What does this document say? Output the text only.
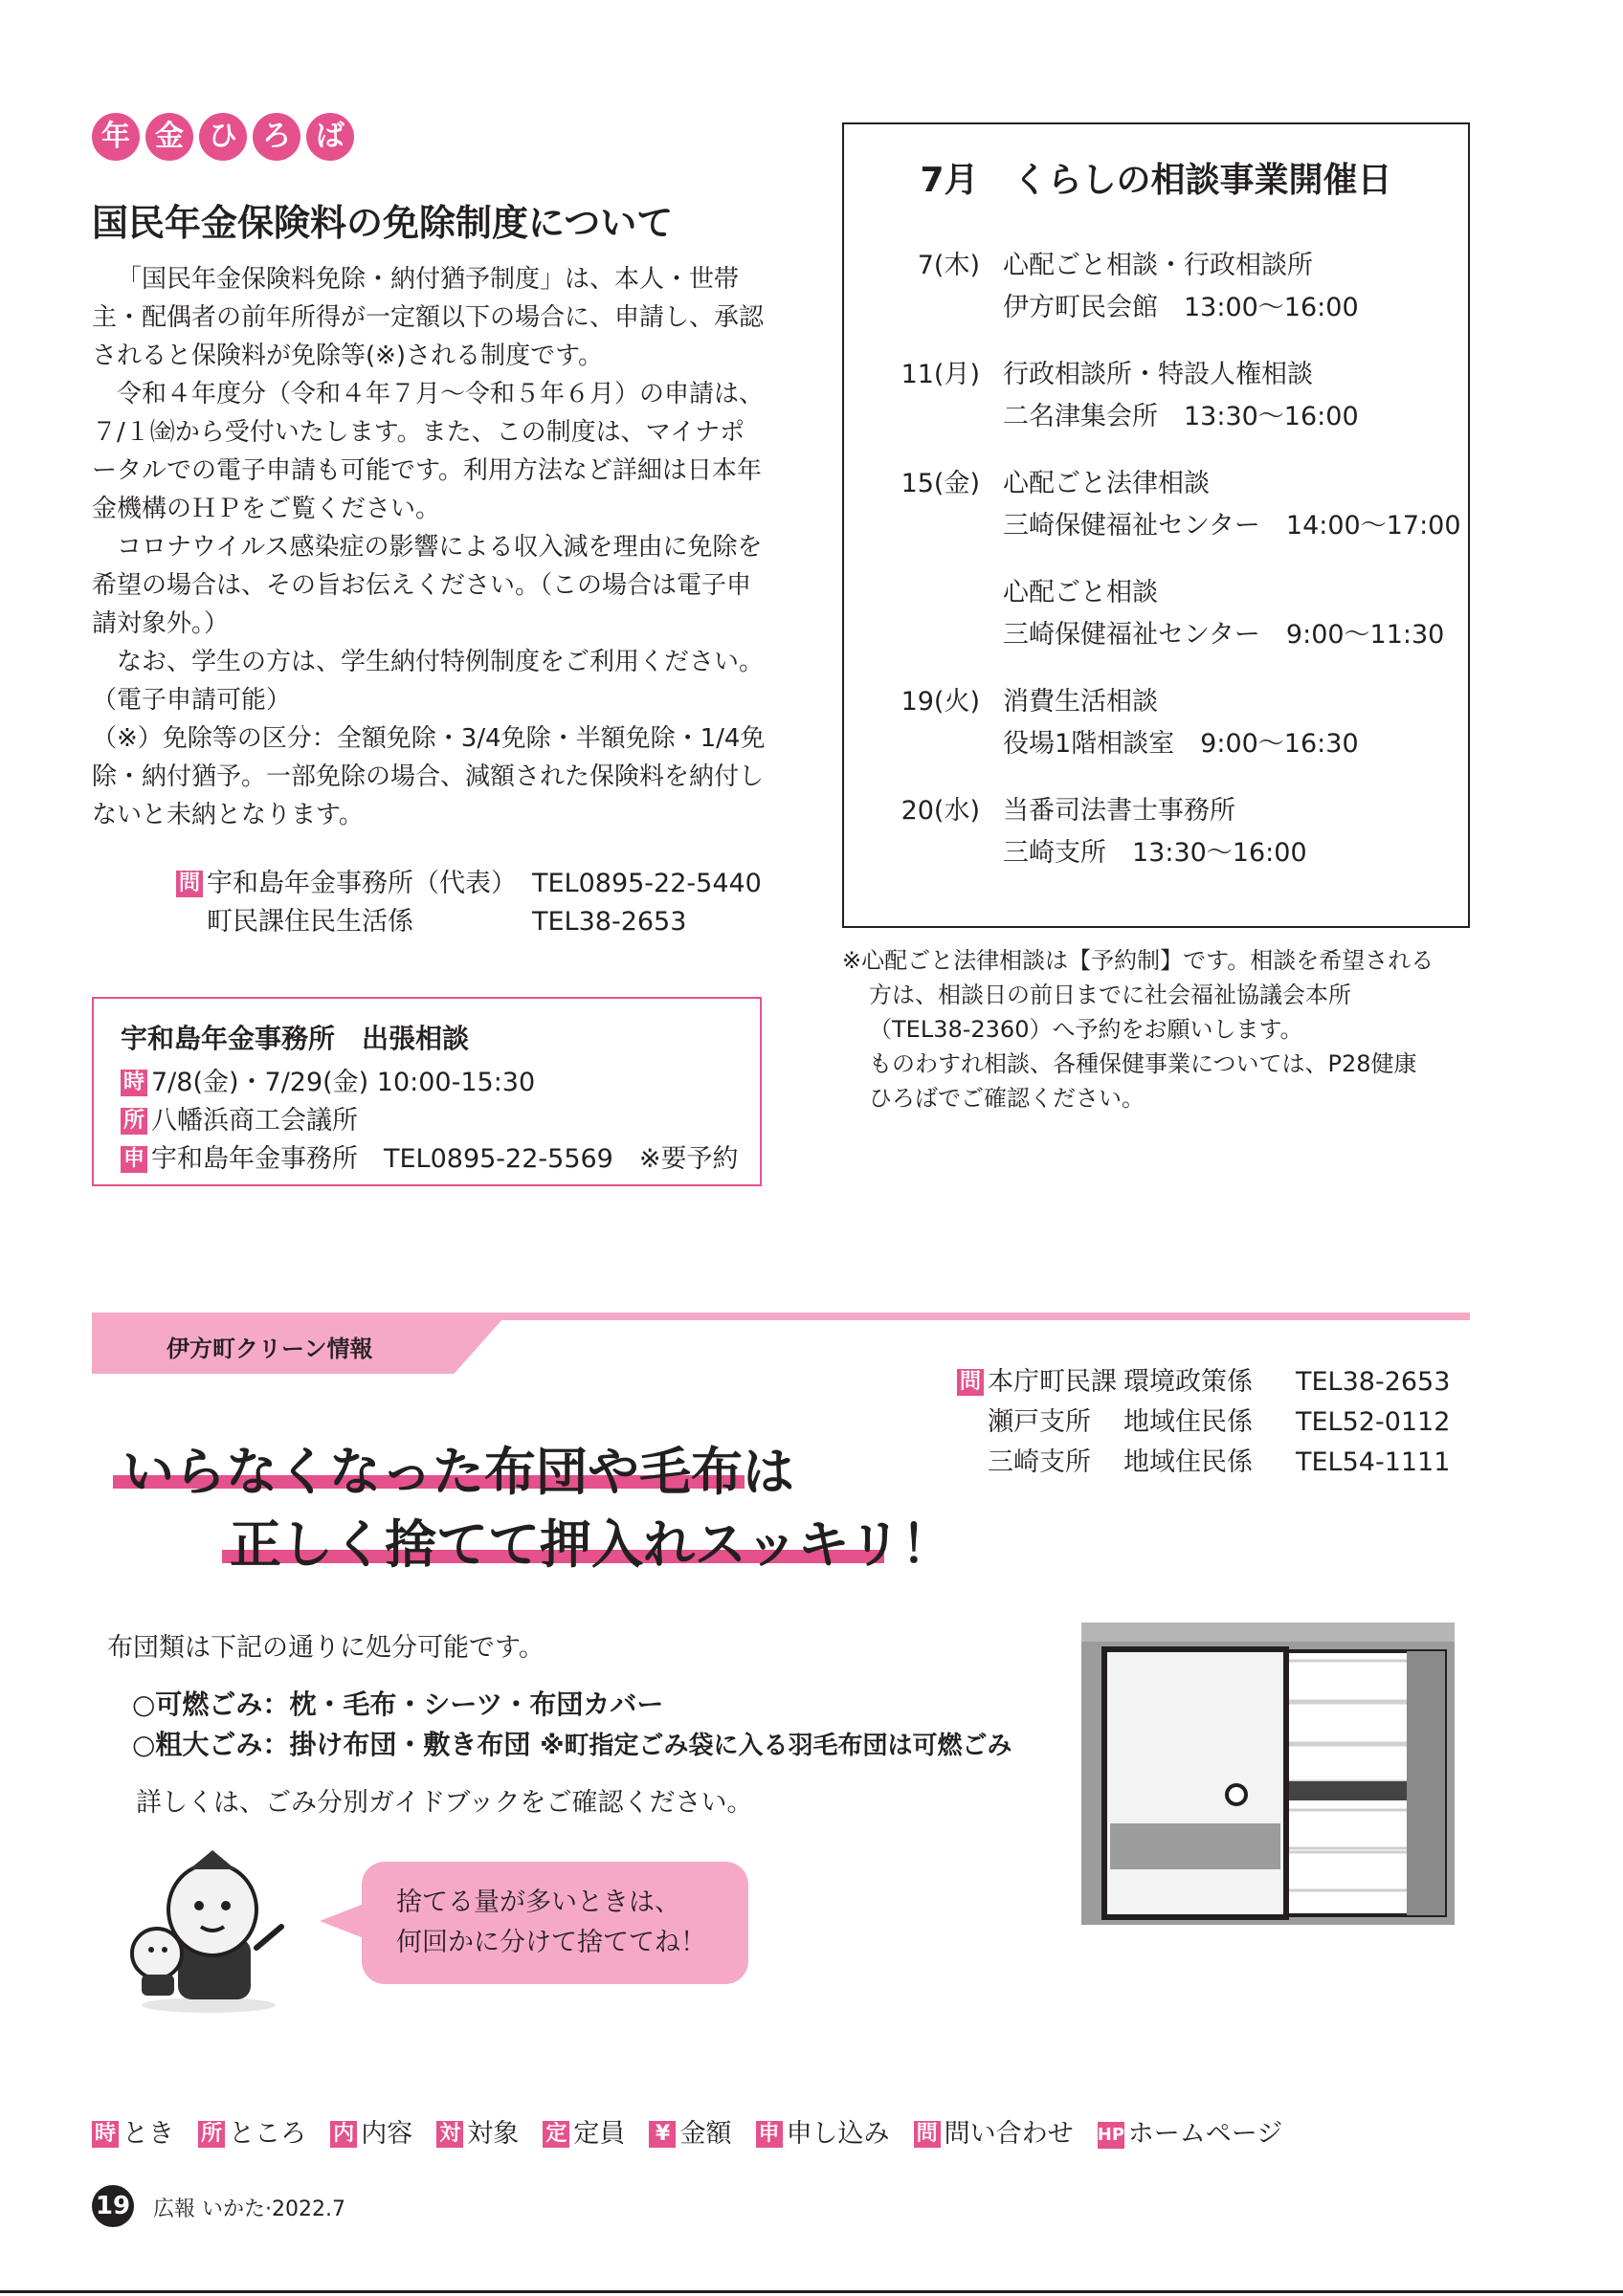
年 金 ひ ろ ば
国民年金保険料の免除制度について

「国民年金保険料免除・納付猶予制度」は、本人・世帯主・配偶者の前年所得が一定額以下の場合に、申請し、承認されると保険料が免除等(※)される制度です。

令和４年度分（令和４年７月〜令和５年６月）の申請は、７/１㈮から受付いたします。また、この制度は、マイナポータルでの電子申請も可能です。利用方法など詳細は日本年金機構のＨＰをご覧ください。

コロナウイルス感染症の影響による収入減を理由に免除を希望の場合は、その旨お伝えください。（この場合は電子申請対象外。）

なお、学生の方は、学生納付特例制度をご利用ください。（電子申請可能）

（※）免除等の区分：全額免除・3/4免除・半額免除・1/4免除・納付猶予。一部免除の場合、減額された保険料を納付しないと未納となります。

問 宇和島年金事務所（代表） TEL0895-22-5440
町民課住民生活係	TEL38-2653
宇和島年金事務所　出張相談
時 7/8(金)・7/29(金) 10:00-15:30
所 八幡浜商工会議所
申 宇和島年金事務所　TEL0895-22-5569　※要予約
7月　くらしの相談事業開催日
7(木) 心配ごと相談・行政相談所
伊方町民会館　13:00〜16:00
11(月) 行政相談所・特設人権相談
二名津集会所　13:30〜16:00
15(金) 心配ごと法律相談
三崎保健福祉センター　14:00〜17:00
心配ごと相談
三崎保健福祉センター　9:00〜11:30
19(火) 消費生活相談
役場1階相談室　9:00〜16:30
20(水) 当番司法書士事務所
三崎支所　13:30〜16:00
※心配ごと法律相談は【予約制】です。相談を希望される
方は、相談日の前日までに社会福祉協議会本所
（TEL38-2360）へ予約をお願いします。
ものわすれ相談、各種保健事業については、P28健康
ひろばでご確認ください。
伊方町クリーン情報
問 本庁町民課 環境政策係 TEL38-2653
瀬戸支所 地域住民係 TEL52-0112
三崎支所 地域住民係 TEL54-1111
いらなくなった布団や毛布は
正しく捨てて押入れスッキリ！
布団類は下記の通りに処分可能です。
○可燃ごみ：枕・毛布・シーツ・布団カバー
○粗大ごみ：掛け布団・敷き布団 ※町指定ごみ袋に入る羽毛布団は可燃ごみ
詳しくは、ごみ分別ガイドブックをご確認ください。
捨てる量が多いときは、
何回かに分けて捨ててね！
時 とき 所 ところ 内 内容 対 対象 定 定員 ¥ 金額 申 申し込み 問 問い合わせ HP ホームページ
19 広報 いかた·2022.7
